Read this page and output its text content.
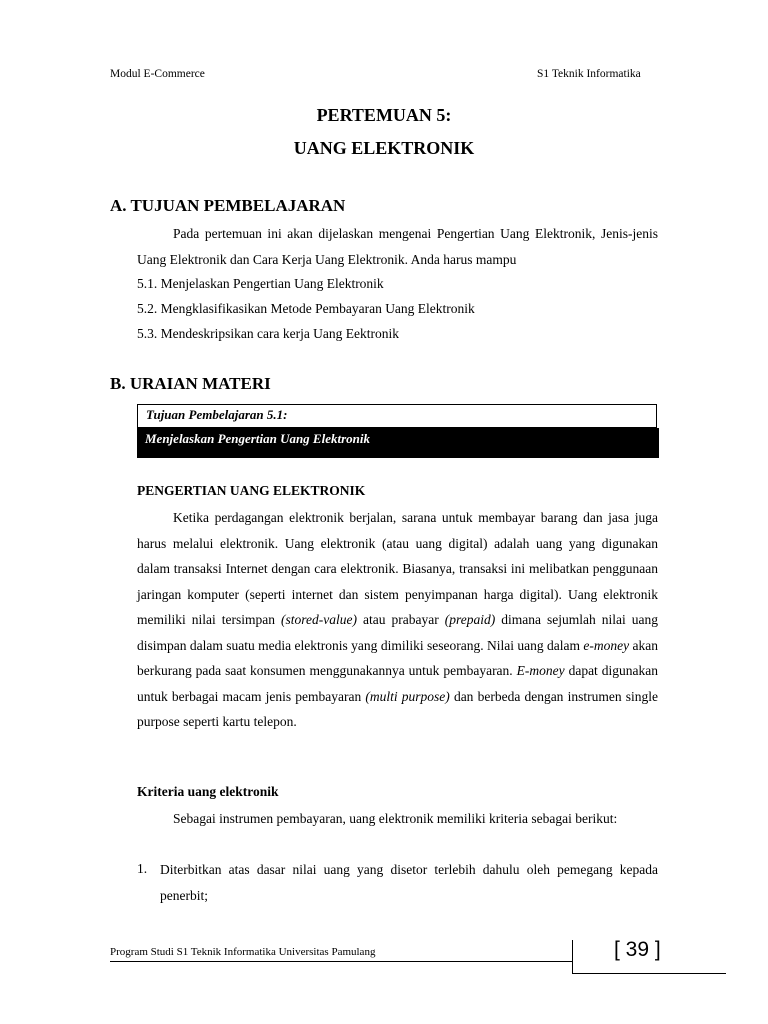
Modul E-Commerce	S1 Teknik Informatika
PERTEMUAN 5:
UANG ELEKTRONIK
A. TUJUAN PEMBELAJARAN

Pada pertemuan ini akan dijelaskan mengenai Pengertian Uang Elektronik, Jenis-jenis Uang Elektronik dan Cara Kerja Uang Elektronik. Anda harus mampu

5.1. Menjelaskan Pengertian Uang Elektronik
5.2. Mengklasifikasikan Metode Pembayaran Uang Elektronik
5.3. Mendeskripsikan cara kerja Uang Eektronik
B. URAIAN MATERI
Tujuan Pembelajaran 5.1:
Menjelaskan Pengertian Uang Elektronik
PENGERTIAN UANG ELEKTRONIK

Ketika perdagangan elektronik berjalan, sarana untuk membayar barang dan jasa juga harus melalui elektronik. Uang elektronik (atau uang digital) adalah uang yang digunakan dalam transaksi Internet dengan cara elektronik. Biasanya, transaksi ini melibatkan penggunaan jaringan komputer (seperti internet dan sistem penyimpanan harga digital). Uang elektronik memiliki nilai tersimpan (stored-value) atau prabayar (prepaid) dimana sejumlah nilai uang disimpan dalam suatu media elektronis yang dimiliki seseorang. Nilai uang dalam e-money akan berkurang pada saat konsumen menggunakannya untuk pembayaran. E-money dapat digunakan untuk berbagai macam jenis pembayaran (multi purpose) dan berbeda dengan instrumen single purpose seperti kartu telepon.

Kriteria uang elektronik

Sebagai instrumen pembayaran, uang elektronik memiliki kriteria sebagai berikut:

1. Diterbitkan atas dasar nilai uang yang disetor terlebih dahulu oleh pemegang kepada penerbit;

Program Studi S1 Teknik Informatika Universitas Pamulang	[ 39 ]
